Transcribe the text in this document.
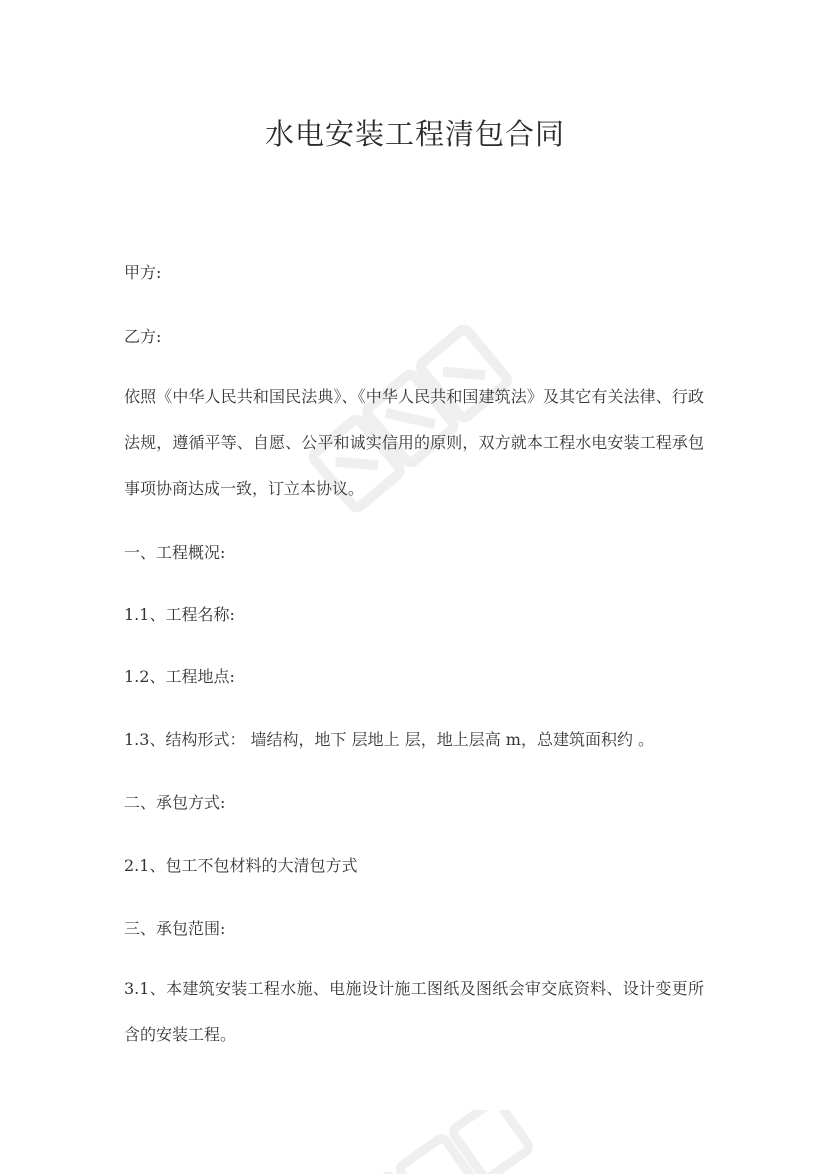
水电安装工程清包合同

甲方:

乙方:

依照《中华人民共和国民法典》、《中华人民共和国建筑法》及其它有关法律、行政法规，遵循平等、自愿、公平和诚实信用的原则，双方就本工程水电安装工程承包事项协商达成一致，订立本协议。

一、工程概况:

1.1、工程名称:

1.2、工程地点:

1.3、结构形式： 墙结构，地下 层地上 层，地上层高 m，总建筑面积约 。

二、承包方式:

2.1、包工不包材料的大清包方式

三、承包范围:

3.1、本建筑安装工程水施、电施设计施工图纸及图纸会审交底资料、设计变更所含的安装工程。
